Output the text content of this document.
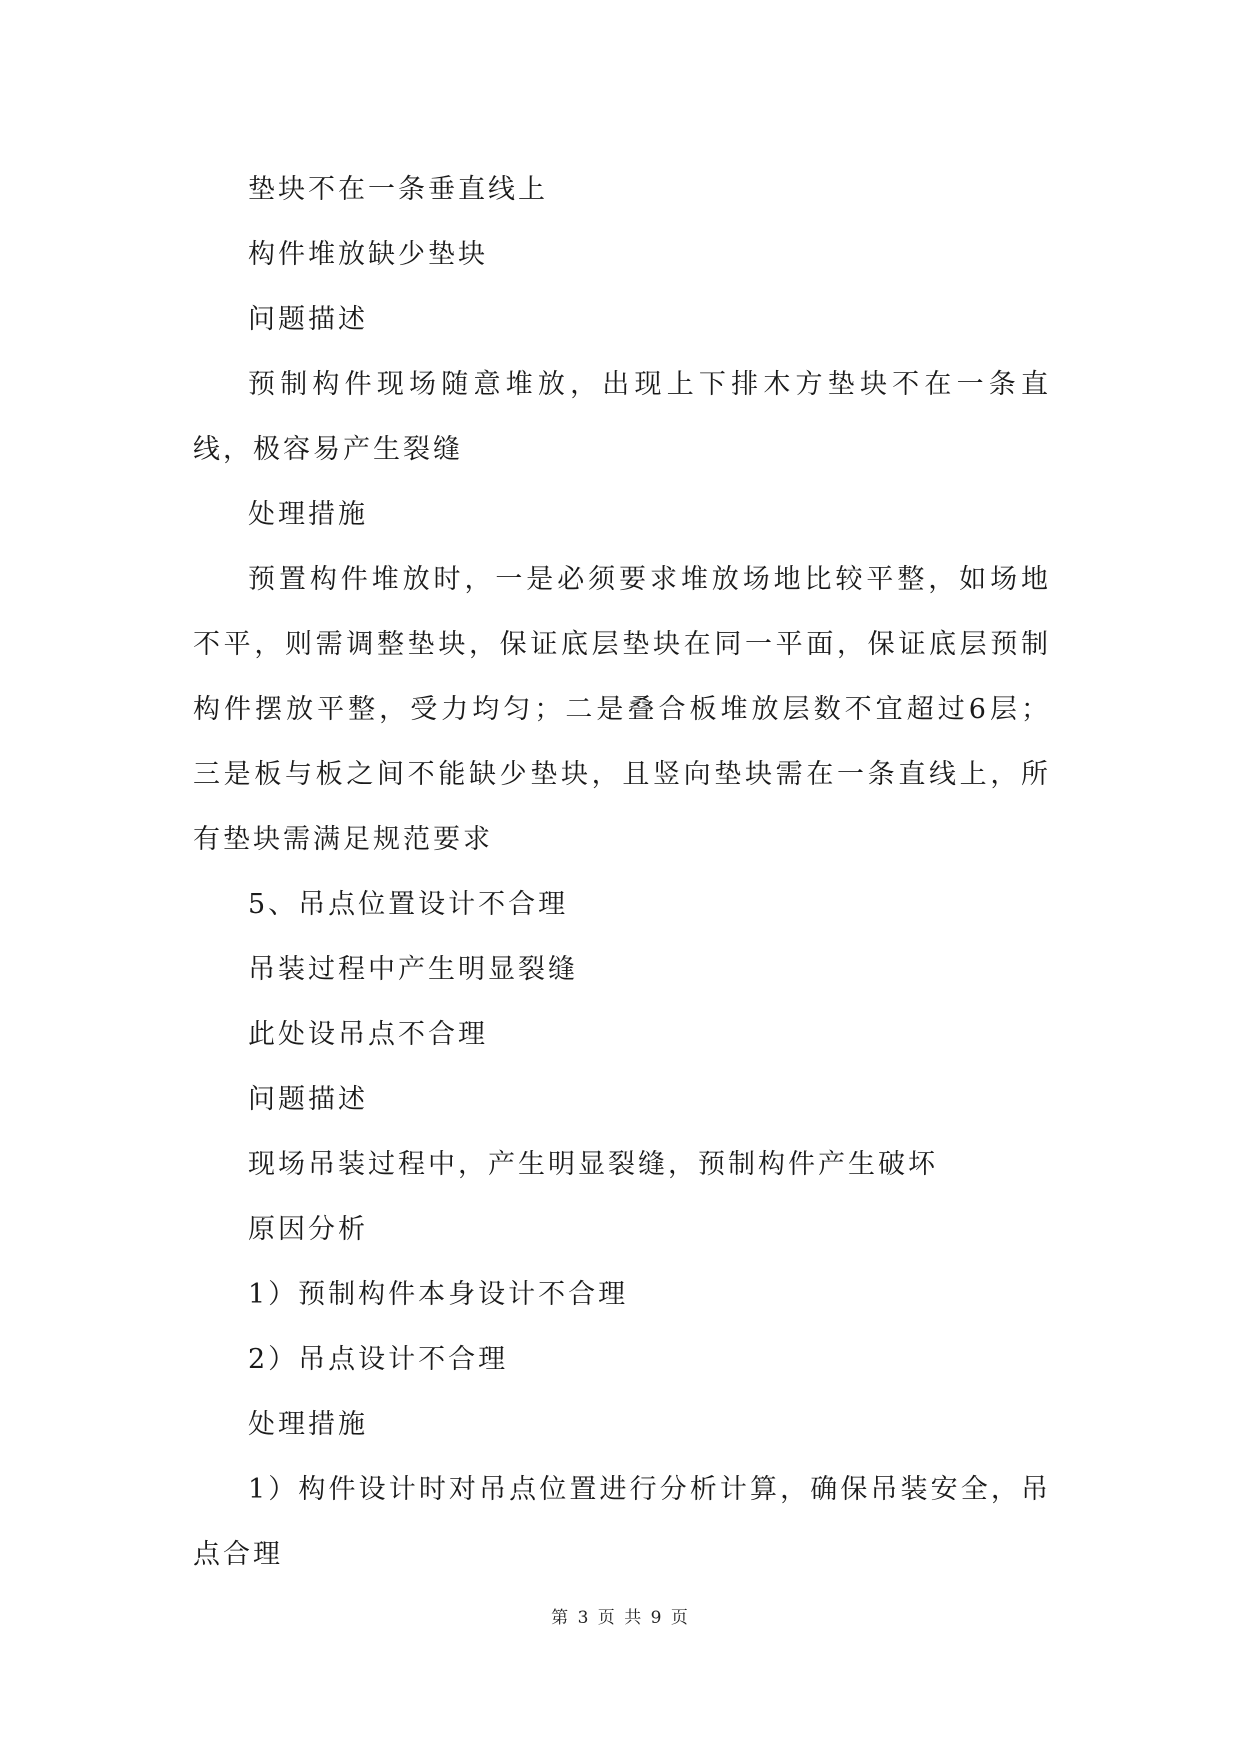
垫块不在一条垂直线上

构件堆放缺少垫块

问题描述

预制构件现场随意堆放，出现上下排木方垫块不在一条直线，极容易产生裂缝

处理措施

预置构件堆放时，一是必须要求堆放场地比较平整，如场地不平，则需调整垫块，保证底层垫块在同一平面，保证底层预制构件摆放平整，受力均匀；二是叠合板堆放层数不宜超过6层；三是板与板之间不能缺少垫块，且竖向垫块需在一条直线上，所有垫块需满足规范要求

5、吊点位置设计不合理

吊装过程中产生明显裂缝

此处设吊点不合理

问题描述

现场吊装过程中，产生明显裂缝，预制构件产生破坏

原因分析

1）预制构件本身设计不合理

2）吊点设计不合理

处理措施

1）构件设计时对吊点位置进行分析计算，确保吊装安全，吊点合理

第 3 页 共 9 页
